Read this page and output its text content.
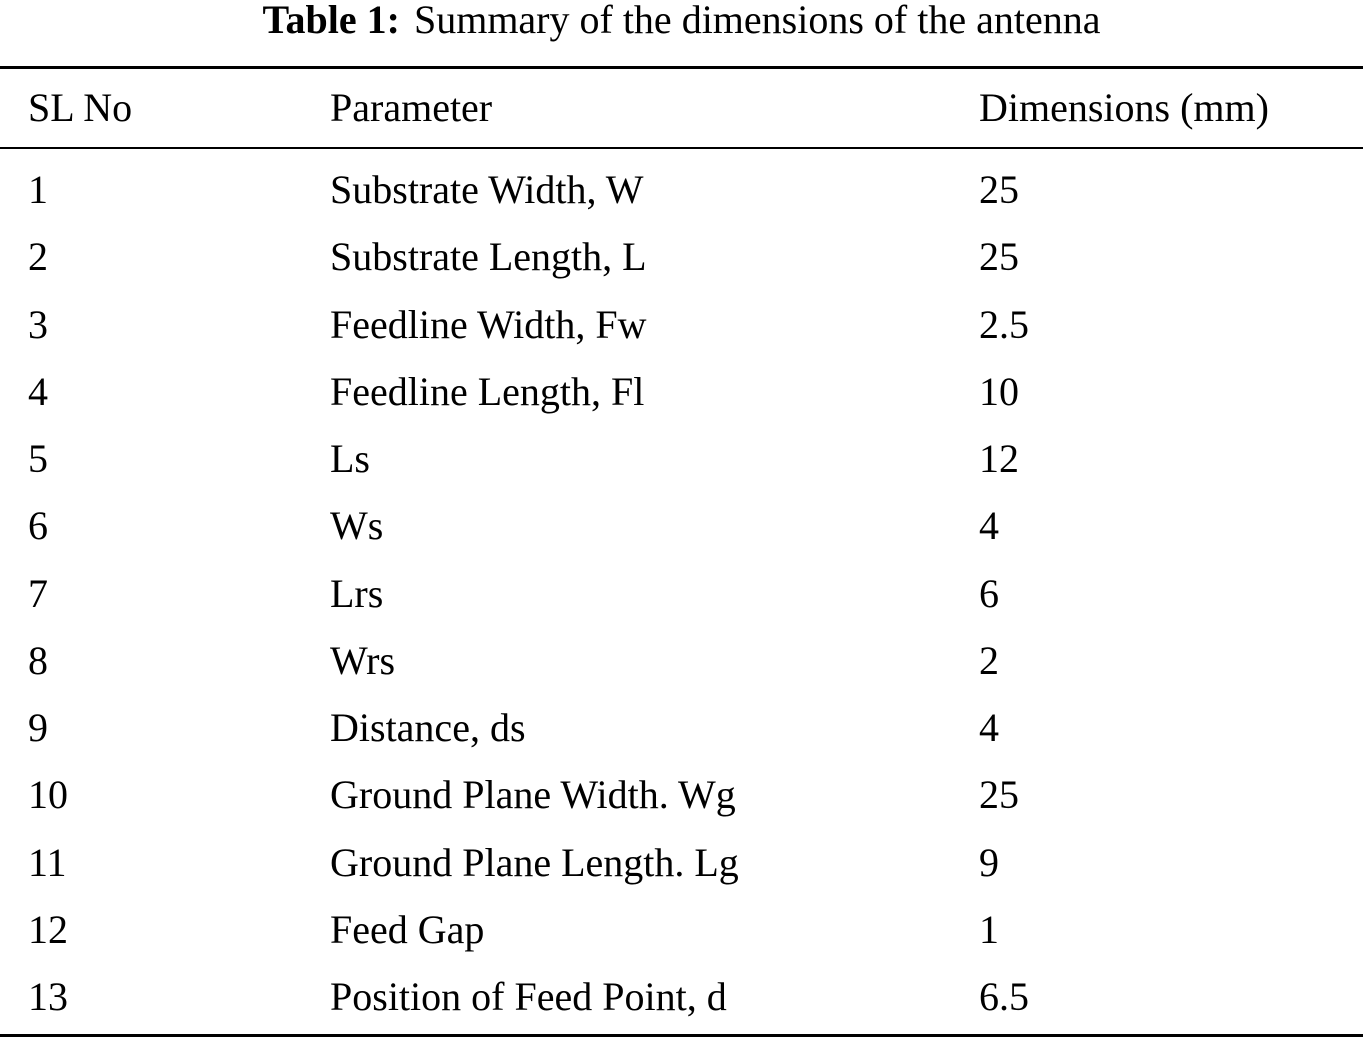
Table 1: Summary of the dimensions of the antenna
SL No	Parameter	Dimensions (mm)
1	Substrate Width, W	25
2	Substrate Length, L	25
3	Feedline Width, Fw	2.5
4	Feedline Length, Fl	10
5	Ls	12
6	Ws	4
7	Lrs	6
8	Wrs	2
9	Distance, ds	4
10	Ground Plane Width. Wg	25
11	Ground Plane Length. Lg	9
12	Feed Gap	1
13	Position of Feed Point, d	6.5
